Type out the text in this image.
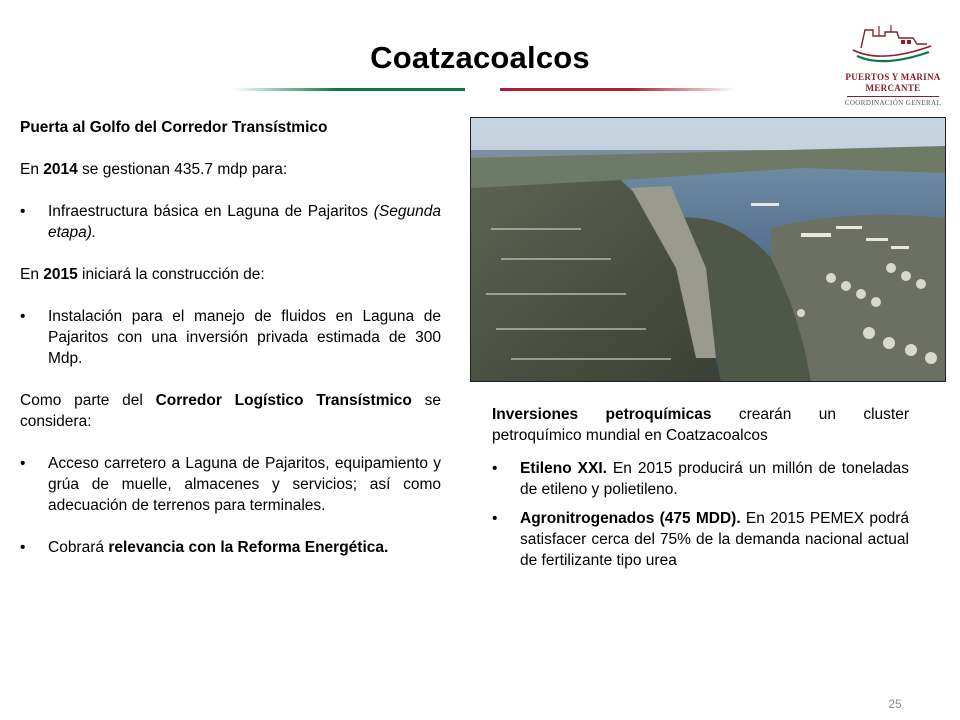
Coatzacoalcos
PUERTOS Y MARINA
MERCANTE
COORDINACIÓN GENERAL

Puerta al Golfo del Corredor Transístmico

En 2014 se gestionan 435.7 mdp para:

•	Infraestructura básica en Laguna de Pajaritos (Segunda etapa).

En 2015 iniciará la construcción de:

•	Instalación para el manejo de fluidos en Laguna de Pajaritos con una inversión privada estimada de 300 Mdp.

Como parte del Corredor Logístico Transístmico se considera:

•	Acceso carretero a Laguna de Pajaritos, equipamiento y grúa de muelle, almacenes y servicios; así como adecuación de terrenos para terminales.
•	Cobrará relevancia con la Reforma Energética.

Inversiones petroquímicas crearán un cluster petroquímico mundial en Coatzacoalcos

•	Etileno XXI. En 2015 producirá un millón de toneladas de etileno y polietileno.
•	Agronitrogenados (475 MDD). En 2015 PEMEX podrá satisfacer cerca del 75% de la demanda nacional actual de fertilizante tipo urea
25
